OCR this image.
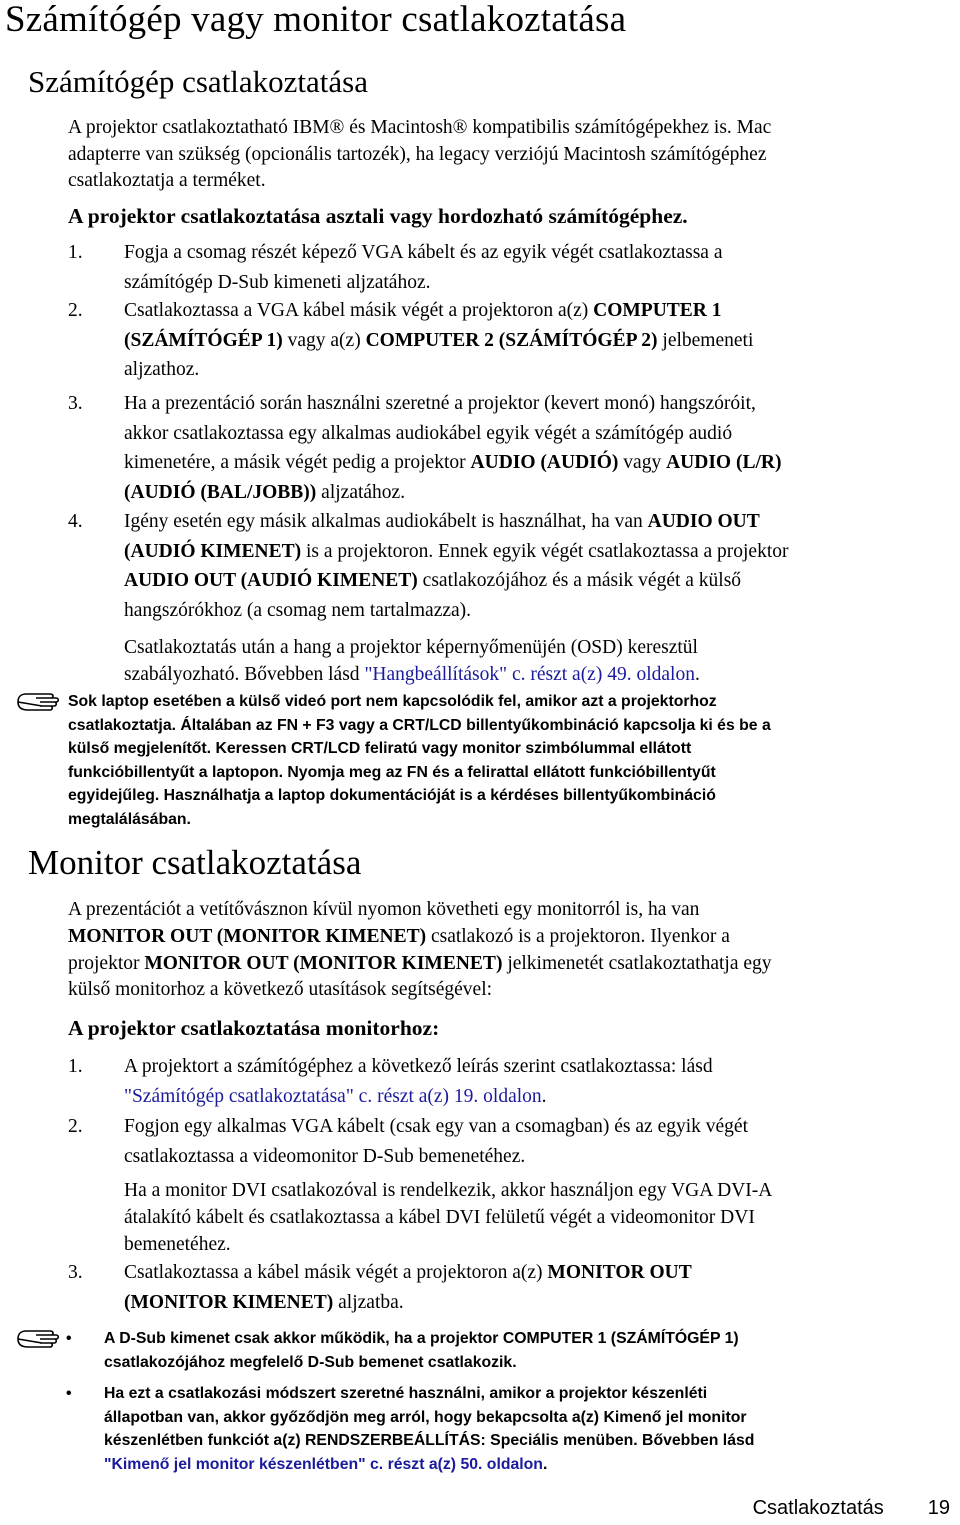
Számítógép vagy monitor csatlakoztatása
Számítógép csatlakoztatása
A projektor csatlakoztatható IBM® és Macintosh® kompatibilis számítógépekhez is. Mac
adapterre van szükség (opcionális tartozék), ha legacy verziójú Macintosh számítógéphez
csatlakoztatja a terméket.
A projektor csatlakoztatása asztali vagy hordozható számítógéphez.
1. Fogja a csomag részét képező VGA kábelt és az egyik végét csatlakoztassa a
számítógép D-Sub kimeneti aljzatához.
2. Csatlakoztassa a VGA kábel másik végét a projektoron a(z) COMPUTER 1
(SZÁMÍTÓGÉP 1) vagy a(z) COMPUTER 2 (SZÁMÍTÓGÉP 2) jelbemeneti
aljzathoz.
3. Ha a prezentáció során használni szeretné a projektor (kevert monó) hangszóróit,
akkor csatlakoztassa egy alkalmas audiokábel egyik végét a számítógép audió
kimenetére, a másik végét pedig a projektor AUDIO (AUDIÓ) vagy AUDIO (L/R)
(AUDIÓ (BAL/JOBB)) aljzatához.
4. Igény esetén egy másik alkalmas audiokábelt is használhat, ha van AUDIO OUT
(AUDIÓ KIMENET) is a projektoron. Ennek egyik végét csatlakoztassa a projektor
AUDIO OUT (AUDIÓ KIMENET) csatlakozójához és a másik végét a külső
hangszórókhoz (a csomag nem tartalmazza).
Csatlakoztatás után a hang a projektor képernyőmenüjén (OSD) keresztül
szabályozható. Bővebben lásd "Hangbeállítások" c. részt a(z) 49. oldalon.
Sok laptop esetében a külső videó port nem kapcsolódik fel, amikor azt a projektorhoz
csatlakoztatja. Általában az FN + F3 vagy a CRT/LCD billentyűkombináció kapcsolja ki és be a
külső megjelenítőt. Keressen CRT/LCD feliratú vagy monitor szimbólummal ellátott
funkcióbillentyűt a laptopon. Nyomja meg az FN és a felirattal ellátott funkcióbillentyűt
egyidejűleg. Használhatja a laptop dokumentációját is a kérdéses billentyűkombináció
megtalálásában.
Monitor csatlakoztatása
A prezentációt a vetítővásznon kívül nyomon követheti egy monitorról is, ha van
MONITOR OUT (MONITOR KIMENET) csatlakozó is a projektoron. Ilyenkor a
projektor MONITOR OUT (MONITOR KIMENET) jelkimenetét csatlakoztathatja egy
külső monitorhoz a következő utasítások segítségével:
A projektor csatlakoztatása monitorhoz:
1. A projektort a számítógéphez a következő leírás szerint csatlakoztassa: lásd
"Számítógép csatlakoztatása" c. részt a(z) 19. oldalon.
2. Fogjon egy alkalmas VGA kábelt (csak egy van a csomagban) és az egyik végét
csatlakoztassa a videomonitor D-Sub bemenetéhez.
Ha a monitor DVI csatlakozóval is rendelkezik, akkor használjon egy VGA DVI-A
átalakító kábelt és csatlakoztassa a kábel DVI felületű végét a videomonitor DVI
bemenetéhez.
3. Csatlakoztassa a kábel másik végét a projektoron a(z) MONITOR OUT
(MONITOR KIMENET) aljzatba.
• A D-Sub kimenet csak akkor működik, ha a projektor COMPUTER 1 (SZÁMÍTÓGÉP 1)
csatlakozójához megfelelő D-Sub bemenet csatlakozik.
• Ha ezt a csatlakozási módszert szeretné használni, amikor a projektor készenléti
állapotban van, akkor győződjön meg arról, hogy bekapcsolta a(z) Kimenő jel monitor
készenlétben funkciót a(z) RENDSZERBEÁLLÍTÁS: Speciális menüben. Bővebben lásd
"Kimenő jel monitor készenlétben" c. részt a(z) 50. oldalon.
Csatlakoztatás 19
